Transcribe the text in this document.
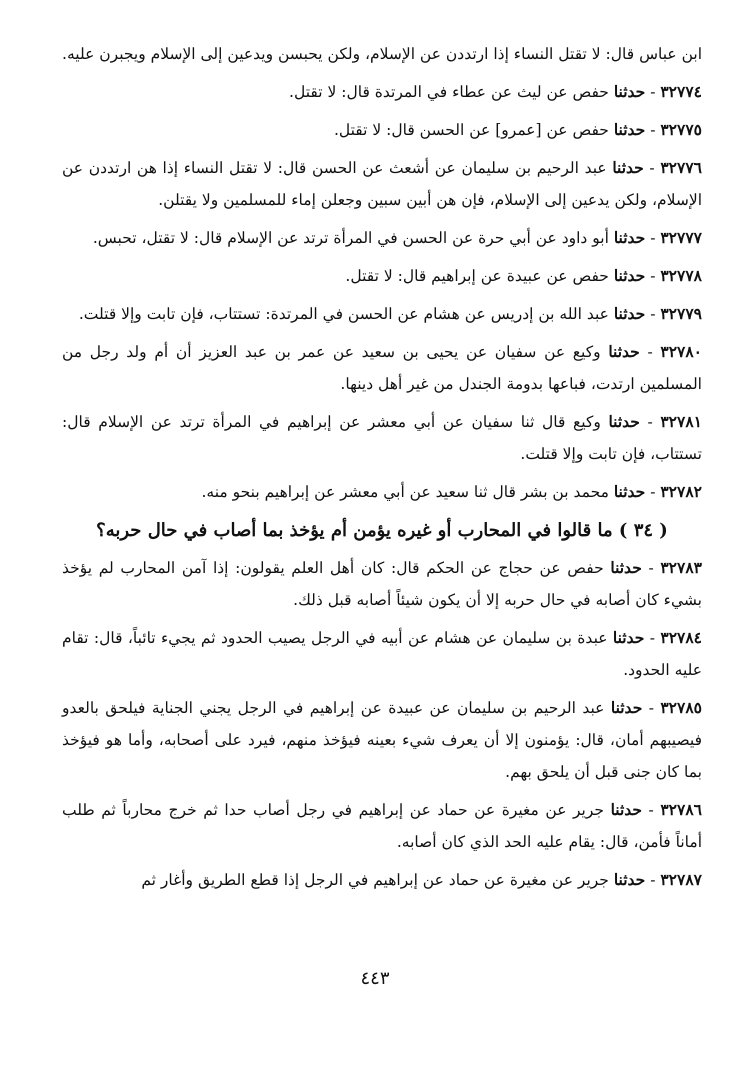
ابن عباس قال: لا تقتل النساء إذا ارتددن عن الإسلام، ولكن يحبسن ويدعين إلى الإسلام ويجبرن عليه.

٣٢٧٧٤ - حدثنا حفص عن ليث عن عطاء في المرتدة قال: لا تقتل.

٣٢٧٧٥ - حدثنا حفص عن [عمرو] عن الحسن قال: لا تقتل.

٣٢٧٧٦ - حدثنا عبد الرحيم بن سليمان عن أشعث عن الحسن قال: لا تقتل النساء إذا هن ارتددن عن الإسلام، ولكن يدعين إلى الإسلام، فإن هن أبين سبين وجعلن إماء للمسلمين ولا يقتلن.

٣٢٧٧٧ - حدثنا أبو داود عن أبي حرة عن الحسن في المرأة ترتد عن الإسلام قال: لا تقتل، تحبس.

٣٢٧٧٨ - حدثنا حفص عن عبيدة عن إبراهيم قال: لا تقتل.

٣٢٧٧٩ - حدثنا عبد الله بن إدريس عن هشام عن الحسن في المرتدة: تستتاب، فإن تابت وإلا قتلت.

٣٢٧٨٠ - حدثنا وكيع عن سفيان عن يحيى بن سعيد عن عمر بن عبد العزيز أن أم ولد رجل من المسلمين ارتدت، فباعها بدومة الجندل من غير أهل دينها.

٣٢٧٨١ - حدثنا وكيع قال ثنا سفيان عن أبي معشر عن إبراهيم في المرأة ترتد عن الإسلام قال: تستتاب، فإن تابت وإلا قتلت.

٣٢٧٨٢ - حدثنا محمد بن بشر قال ثنا سعيد عن أبي معشر عن إبراهيم بنحو منه.

( ٣٤ ) ما قالوا في المحارب أو غيره يؤمن أم يؤخذ بما أصاب في حال حربه؟

٣٢٧٨٣ - حدثنا حفص عن حجاج عن الحكم قال: كان أهل العلم يقولون: إذا آمن المحارب لم يؤخذ بشيء كان أصابه في حال حربه إلا أن يكون شيئاً أصابه قبل ذلك.

٣٢٧٨٤ - حدثنا عبدة بن سليمان عن هشام عن أبيه في الرجل يصيب الحدود ثم يجيء تائباً، قال: تقام عليه الحدود.

٣٢٧٨٥ - حدثنا عبد الرحيم بن سليمان عن عبيدة عن إبراهيم في الرجل يجني الجناية فيلحق بالعدو فيصيبهم أمان، قال: يؤمنون إلا أن يعرف شيء بعينه فيؤخذ منهم، فيرد على أصحابه، وأما هو فيؤخذ بما كان جنى قبل أن يلحق بهم.

٣٢٧٨٦ - حدثنا جرير عن مغيرة عن حماد عن إبراهيم في رجل أصاب حدا ثم خرج محارباً ثم طلب أماناً فأمن، قال: يقام عليه الحد الذي كان أصابه.

٣٢٧٨٧ - حدثنا جرير عن مغيرة عن حماد عن إبراهيم في الرجل إذا قطع الطريق وأغار ثم

٤٤٣
